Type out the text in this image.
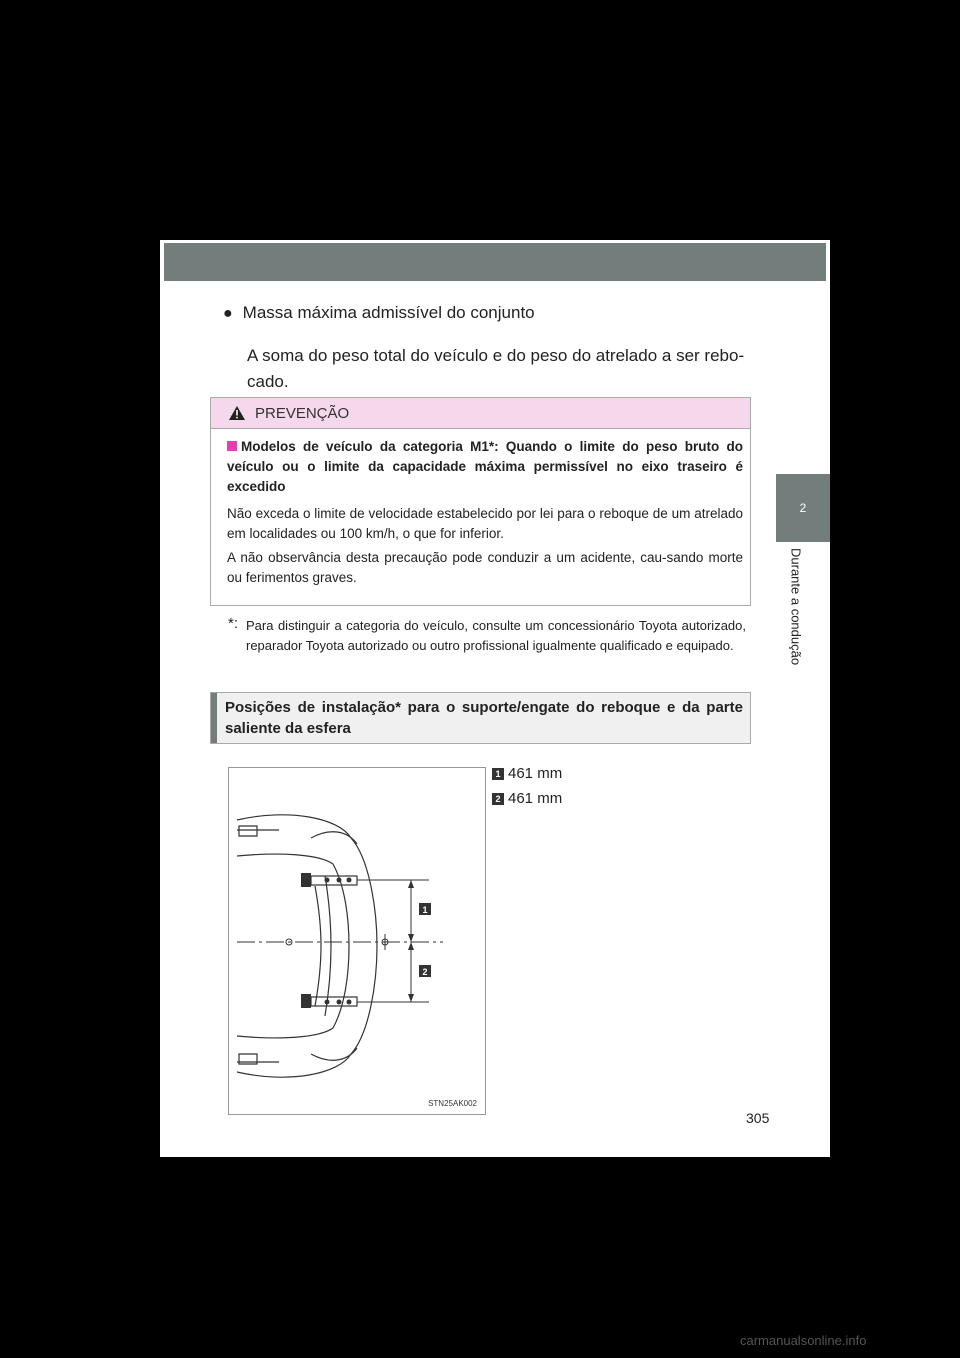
2
Durante a condução
● Massa máxima admissível do conjunto
A soma do peso total do veículo e do peso do atrelado a ser rebo-cado.
PREVENÇÃO
Modelos de veículo da categoria M1*: Quando o limite do peso bruto do veículo ou o limite da capacidade máxima permissível no eixo traseiro é excedido
Não exceda o limite de velocidade estabelecido por lei para o reboque de um atrelado em localidades ou 100 km/h, o que for inferior.
A não observância desta precaução pode conduzir a um acidente, cau-sando morte ou ferimentos graves.
*: Para distinguir a categoria do veículo, consulte um concessionário Toyota autorizado, reparador Toyota autorizado ou outro profissional igualmente qualificado e equipado.
Posições de instalação* para o suporte/engate do reboque e da parte saliente da esfera
1
2
STN25AK002
1 461 mm
2 461 mm
305
carmanualsonline.info
